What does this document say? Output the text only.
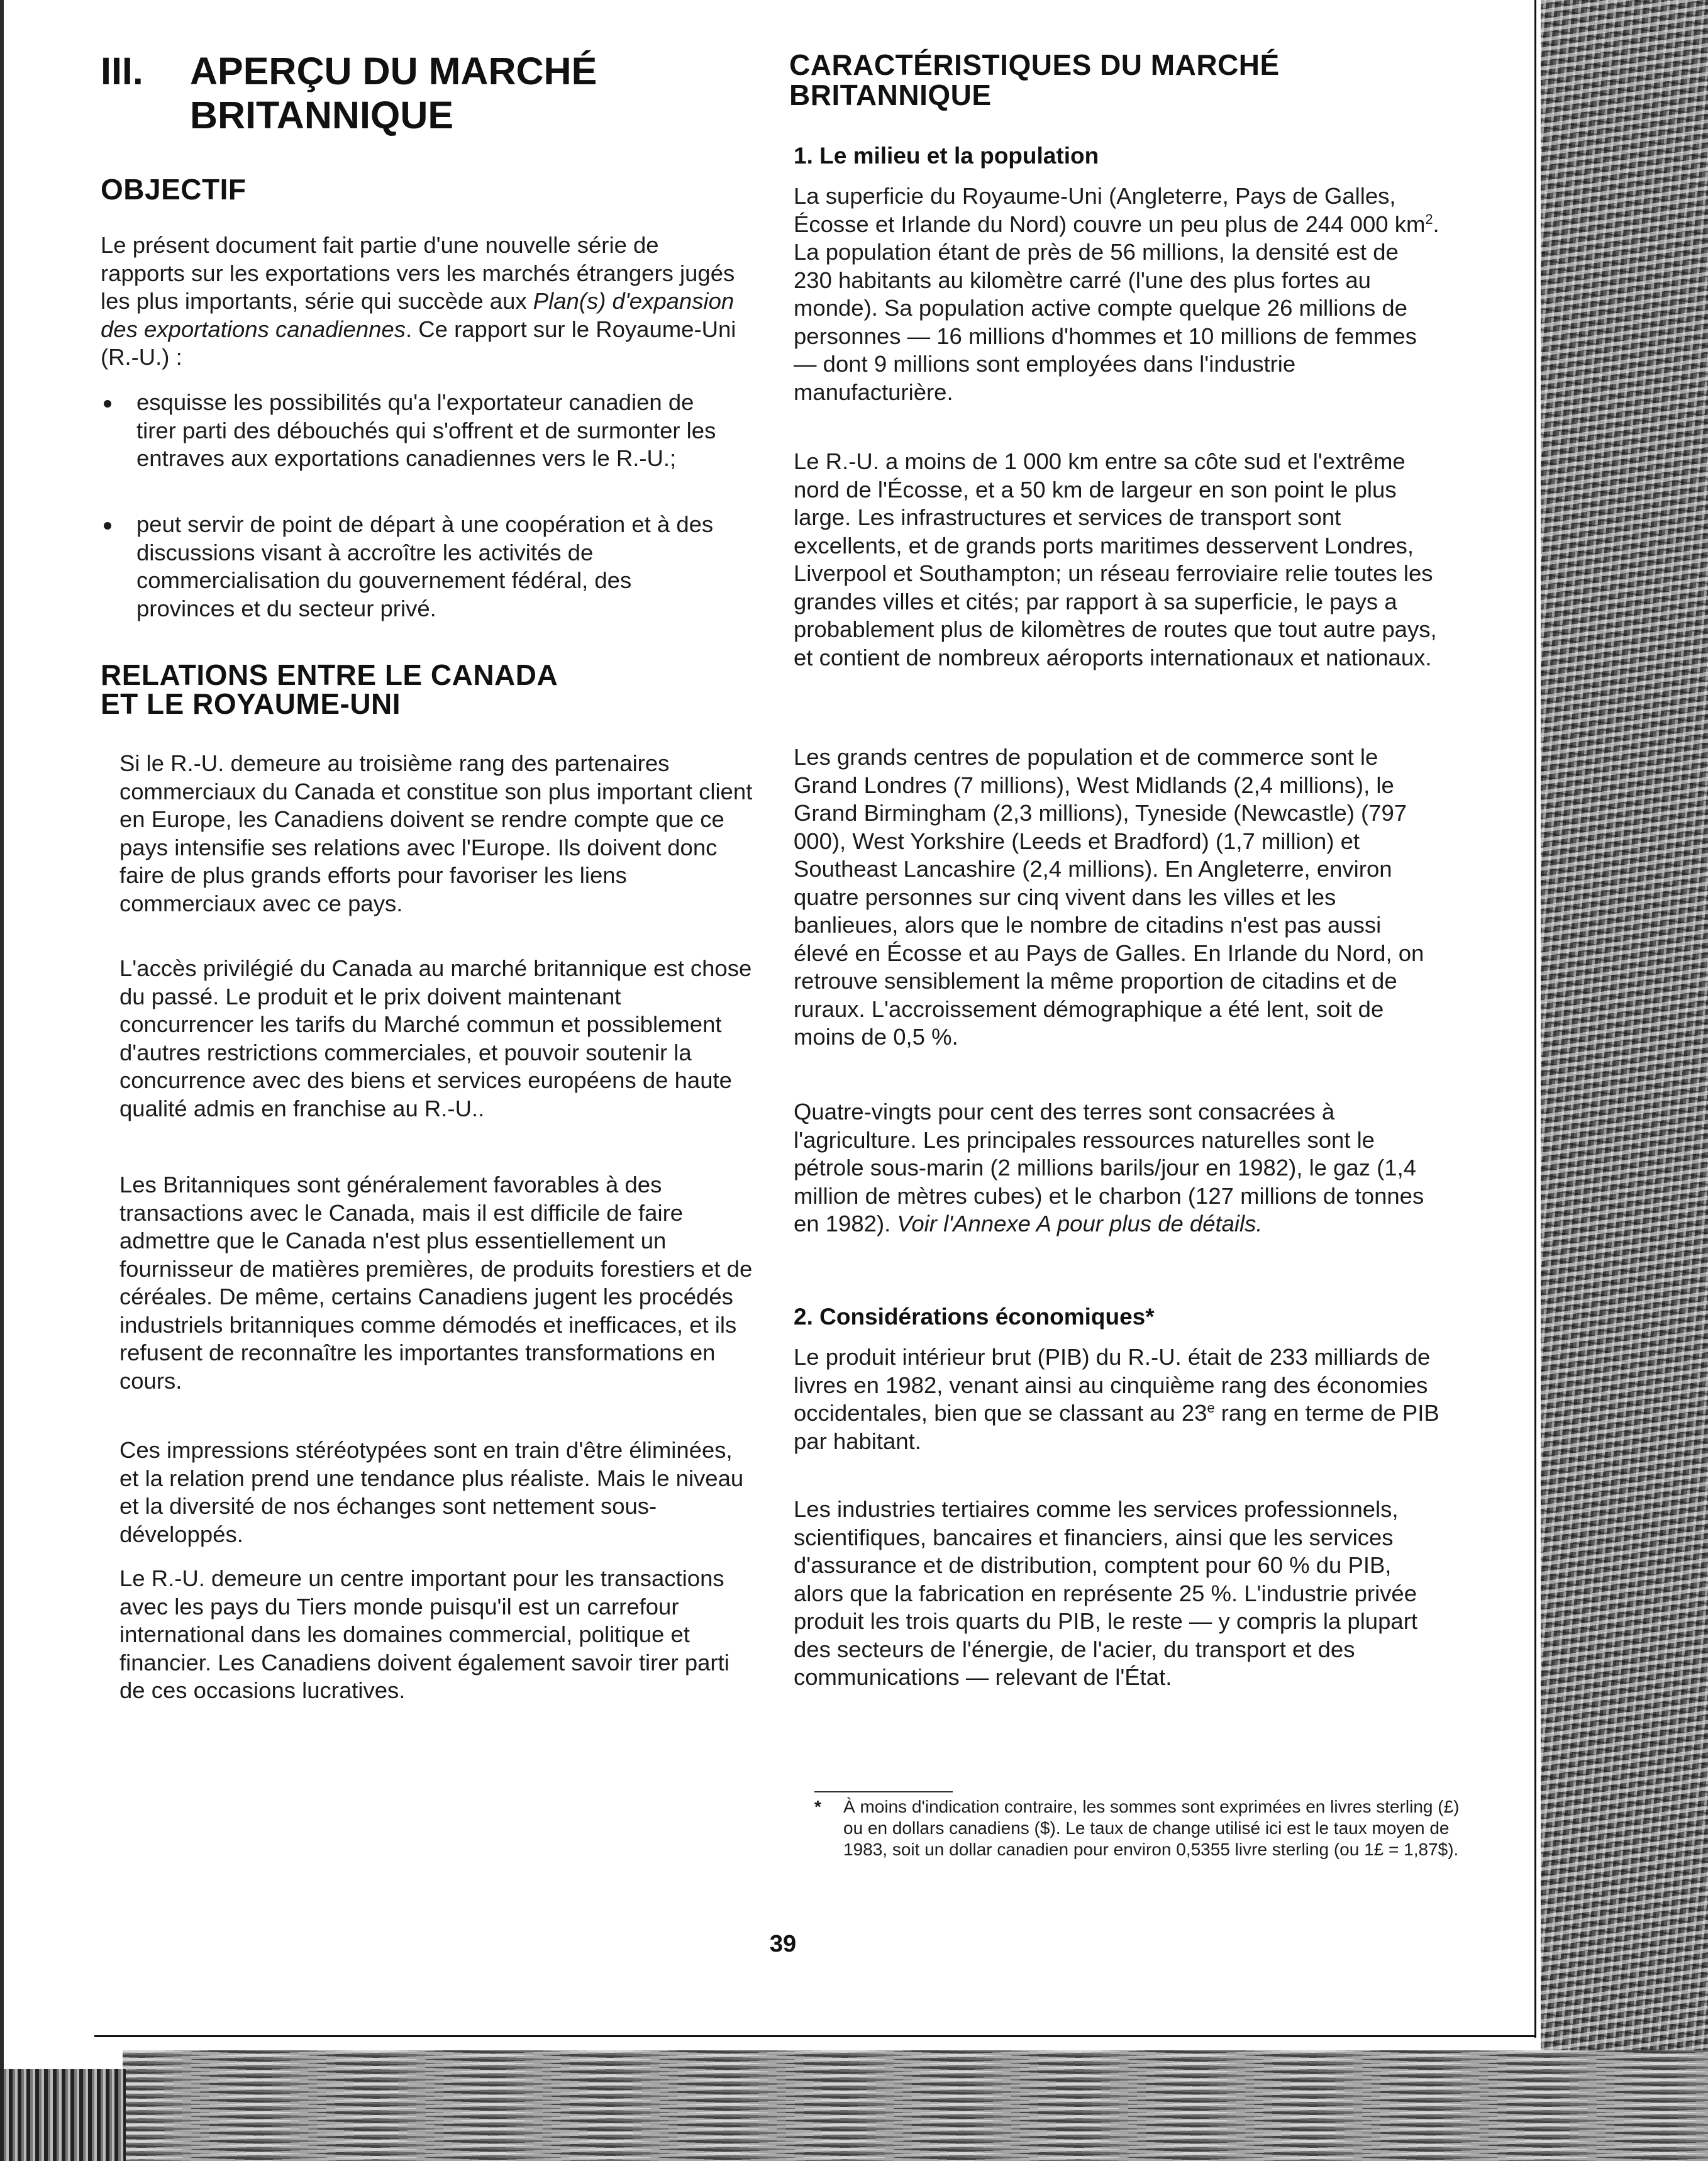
III. APERÇU DU MARCHÉ
BRITANNIQUE
OBJECTIF

Le présent document fait partie d'une nouvelle série de rapports sur les exportations vers les marchés étrangers jugés les plus importants, série qui succède aux Plan(s) d'expansion des exportations canadiennes. Ce rapport sur le Royaume-Uni (R.-U.) :

esquisse les possibilités qu'a l'exportateur canadien de tirer parti des débouchés qui s'offrent et de surmonter les entraves aux exportations canadiennes vers le R.-U.;
peut servir de point de départ à une coopération et à des discussions visant à accroître les activités de commercialisation du gouvernement fédéral, des provinces et du secteur privé.
RELATIONS ENTRE LE CANADA
ET LE ROYAUME-UNI

Si le R.-U. demeure au troisième rang des partenaires commerciaux du Canada et constitue son plus important client en Europe, les Canadiens doivent se rendre compte que ce pays intensifie ses relations avec l'Europe. Ils doivent donc faire de plus grands efforts pour favoriser les liens commerciaux avec ce pays.

L'accès privilégié du Canada au marché britannique est chose du passé. Le produit et le prix doivent maintenant concurrencer les tarifs du Marché commun et possiblement d'autres restrictions commerciales, et pouvoir soutenir la concurrence avec des biens et services européens de haute qualité admis en franchise au R.-U..

Les Britanniques sont généralement favorables à des transactions avec le Canada, mais il est difficile de faire admettre que le Canada n'est plus essentiellement un fournisseur de matières premières, de produits forestiers et de céréales. De même, certains Canadiens jugent les procédés industriels britanniques comme démodés et inefficaces, et ils refusent de reconnaître les importantes transformations en cours.

Ces impressions stéréotypées sont en train d'être éliminées, et la relation prend une tendance plus réaliste. Mais le niveau et la diversité de nos échanges sont nettement sous-développés.

Le R.-U. demeure un centre important pour les transactions avec les pays du Tiers monde puisqu'il est un carrefour international dans les domaines commercial, politique et financier. Les Canadiens doivent également savoir tirer parti de ces occasions lucratives.

CARACTÉRISTIQUES DU MARCHÉ
BRITANNIQUE
1. Le milieu et la population

La superficie du Royaume-Uni (Angleterre, Pays de Galles, Écosse et Irlande du Nord) couvre un peu plus de 244 000 $km^2$. La population étant de près de 56 millions, la densité est de 230 habitants au kilomètre carré (l'une des plus fortes au monde). Sa population active compte quelque 26 millions de personnes — 16 millions d'hommes et 10 millions de femmes — dont 9 millions sont employées dans l'industrie manufacturière.

Le R.-U. a moins de 1 000 km entre sa côte sud et l'extrême nord de l'Écosse, et a 50 km de largeur en son point le plus large. Les infrastructures et services de transport sont excellents, et de grands ports maritimes desservent Londres, Liverpool et Southampton; un réseau ferroviaire relie toutes les grandes villes et cités; par rapport à sa superficie, le pays a probablement plus de kilomètres de routes que tout autre pays, et contient de nombreux aéroports internationaux et nationaux.

Les grands centres de population et de commerce sont le Grand Londres (7 millions), West Midlands (2,4 millions), le Grand Birmingham (2,3 millions), Tyneside (Newcastle) (797 000), West Yorkshire (Leeds et Bradford) (1,7 million) et Southeast Lancashire (2,4 millions). En Angleterre, environ quatre personnes sur cinq vivent dans les villes et les banlieues, alors que le nombre de citadins n'est pas aussi élevé en Écosse et au Pays de Galles. En Irlande du Nord, on retrouve sensiblement la même proportion de citadins et de ruraux. L'accroissement démographique a été lent, soit de moins de 0,5 %.

Quatre-vingts pour cent des terres sont consacrées à l'agriculture. Les principales ressources naturelles sont le pétrole sous-marin (2 millions barils/jour en 1982), le gaz (1,4 million de mètres cubes) et le charbon (127 millions de tonnes en 1982). Voir l'Annexe A pour plus de détails.

2. Considérations économiques*

Le produit intérieur brut (PIB) du R.-U. était de 233 milliards de livres en 1982, venant ainsi au cinquième rang des économies occidentales, bien que se classant au 23e rang en terme de PIB par habitant.

Les industries tertiaires comme les services professionnels, scientifiques, bancaires et financiers, ainsi que les services d'assurance et de distribution, comptent pour 60 % du PIB, alors que la fabrication en représente 25 %. L'industrie privée produit les trois quarts du PIB, le reste — y compris la plupart des secteurs de l'énergie, de l'acier, du transport et des communications — relevant de l'État.

* À moins d'indication contraire, les sommes sont exprimées en livres sterling (£) ou en dollars canadiens ($). Le taux de change utilisé ici est le taux moyen de 1983, soit un dollar canadien pour environ 0,5355 livre sterling (ou 1£ = 1,87$).
39
